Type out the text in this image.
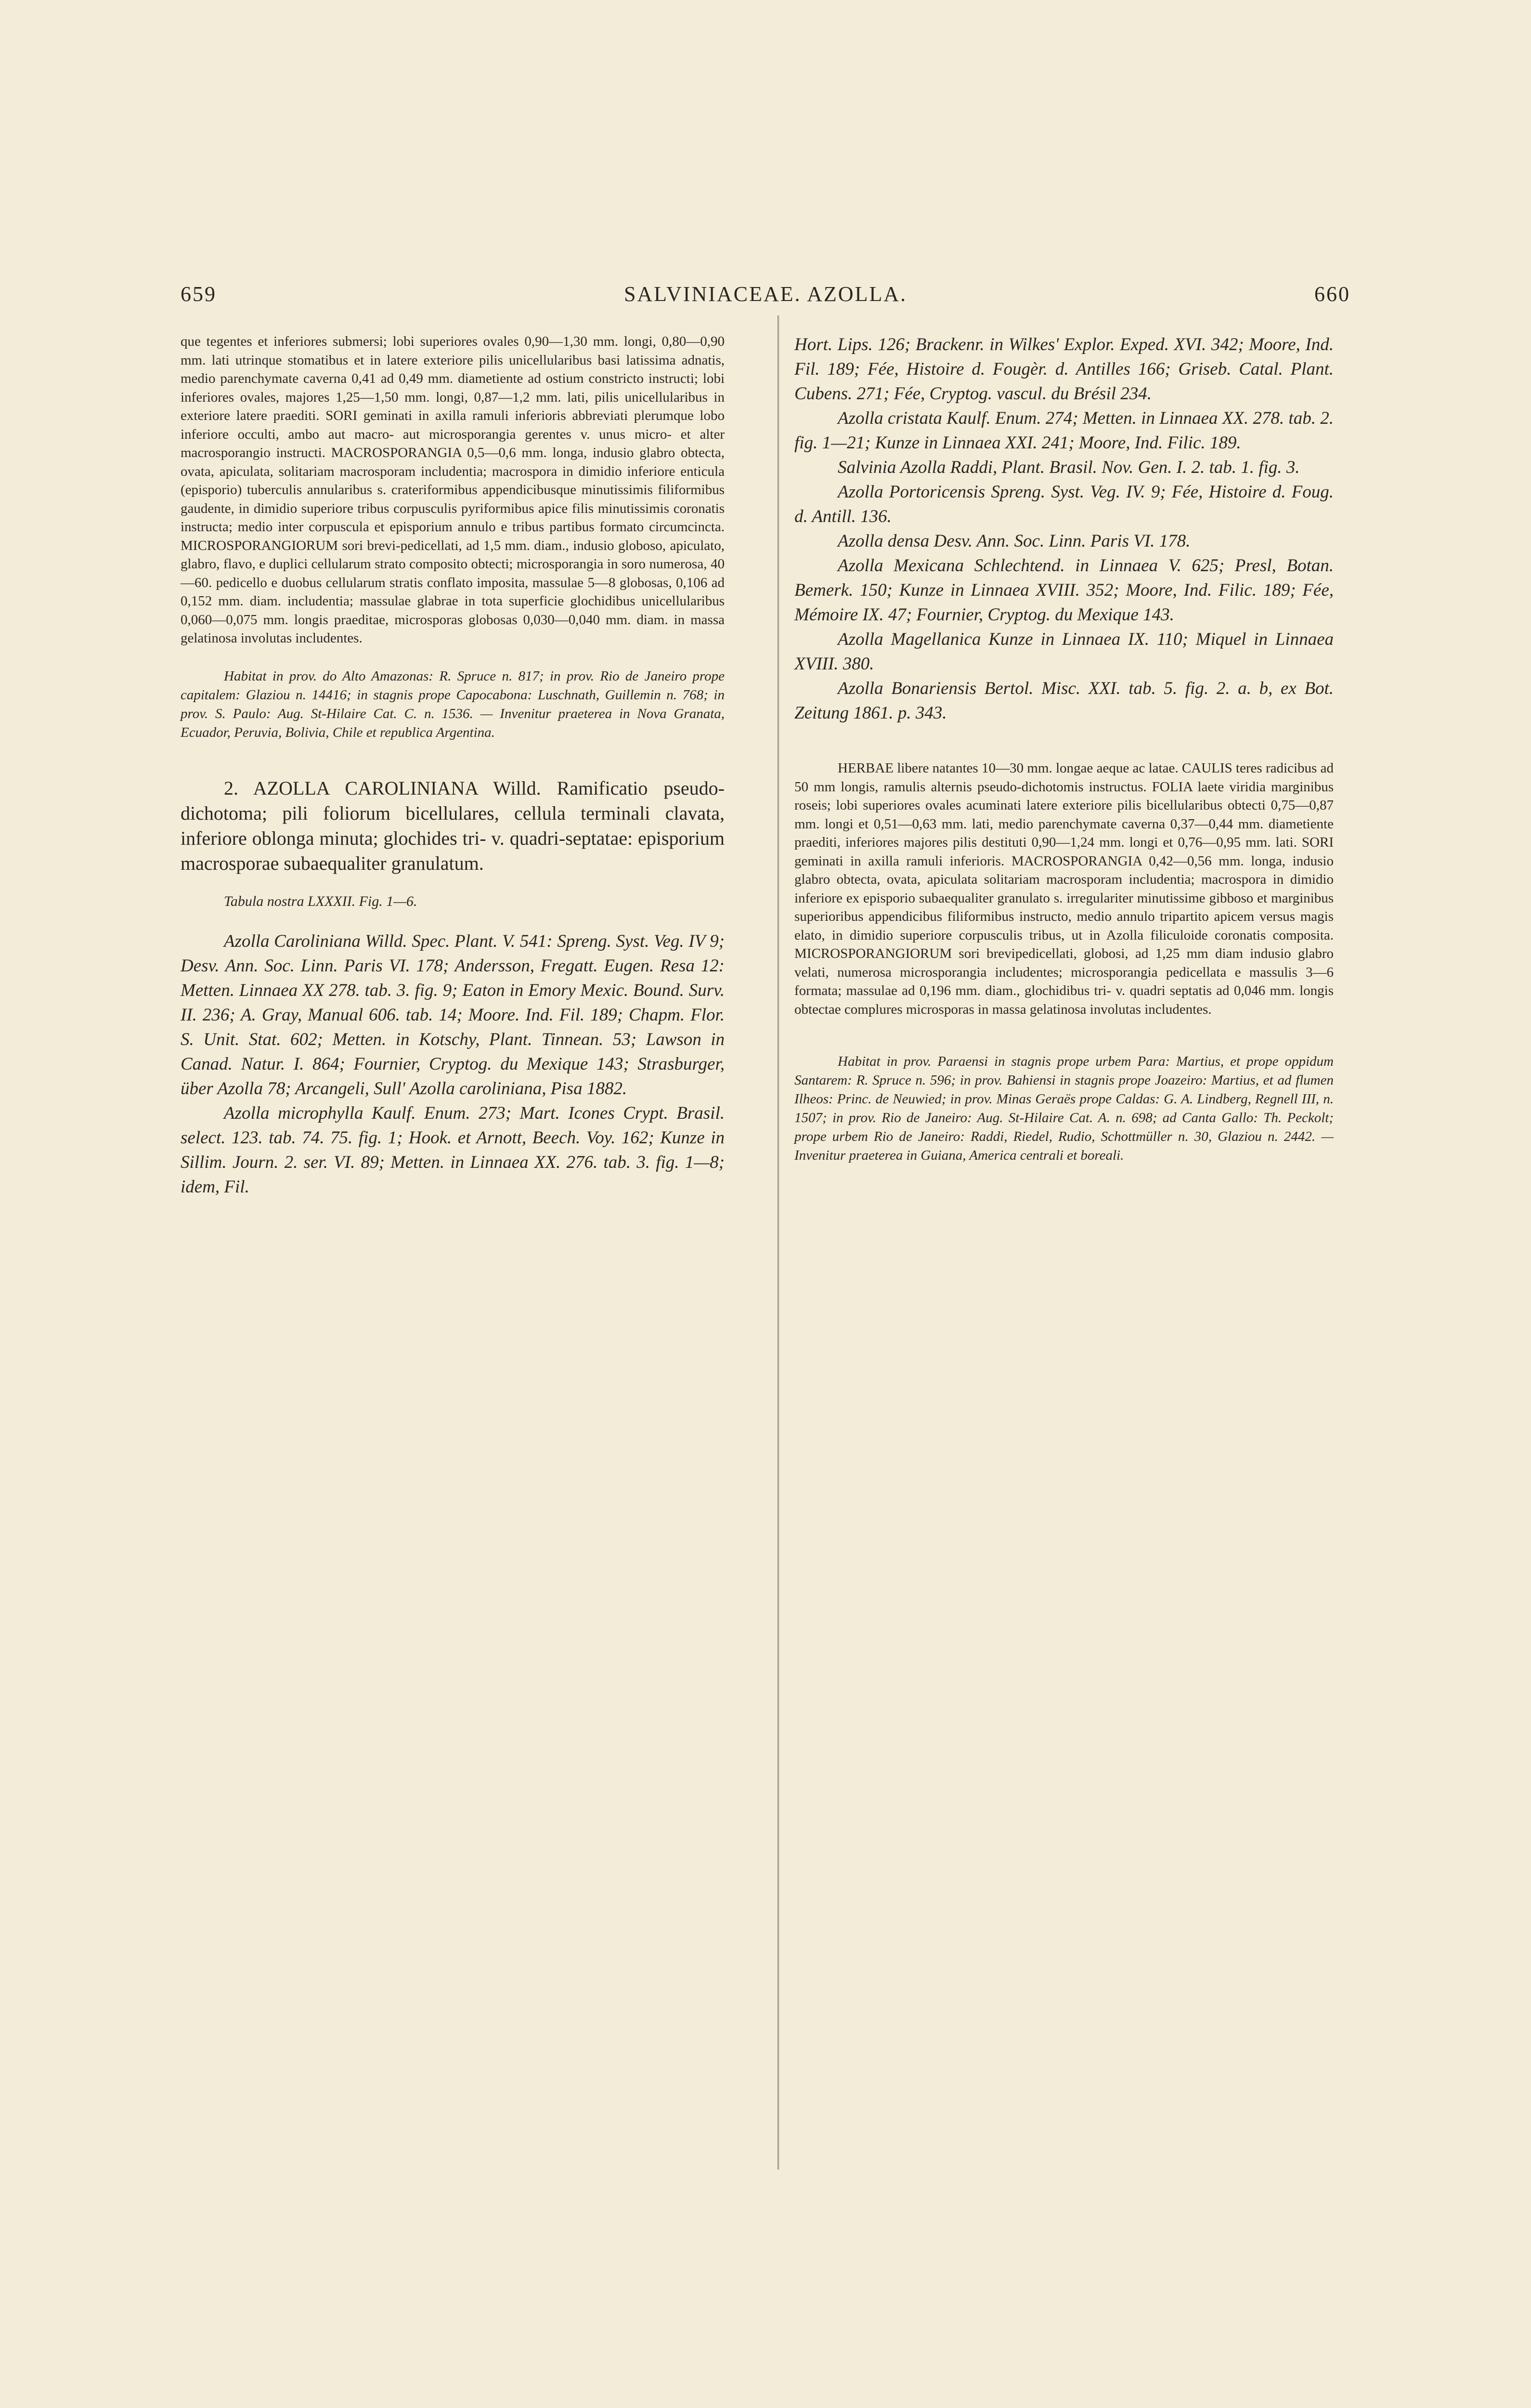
659	SALVINIACEAE. AZOLLA.	660

que tegentes et inferiores submersi; lobi superiores ovales 0,90—1,30 mm. longi, 0,80—0,90 mm. lati utrinque stomatibus et in latere exteriore pilis unicellularibus basi latissima adnatis, medio parenchymate caverna 0,41 ad 0,49 mm. diametiente ad ostium constricto instructi; lobi inferiores ovales, majores 1,25—1,50 mm. longi, 0,87—1,2 mm. lati, pilis unicellularibus in exteriore latere praediti. SORI geminati in axilla ramuli inferioris abbreviati plerumque lobo inferiore occulti, ambo aut macro- aut microsporangia gerentes v. unus micro- et alter macrosporangio instructi. MACROSPORANGIA 0,5—0,6 mm. longa, indusio glabro obtecta, ovata, apiculata, solitariam macrosporam includentia; macrospora in dimidio inferiore enticula (episporio) tuberculis annularibus s. crateriformibus appendicibusque minutissimis filiformibus gaudente, in dimidio superiore tribus corpusculis pyriformibus apice filis minutissimis coronatis instructa; medio inter corpuscula et episporium annulo e tribus partibus formato circumcincta. MICROSPORANGIORUM sori brevi-pedicellati, ad 1,5 mm. diam., indusio globoso, apiculato, glabro, flavo, e duplici cellularum strato composito obtecti; microsporangia in soro numerosa, 40—60. pedicello e duobus cellularum stratis conflato imposita, massulae 5—8 globosas, 0,106 ad 0,152 mm. diam. includentia; massulae glabrae in tota superficie glochidibus unicellularibus 0,060—0,075 mm. longis praeditae, microsporas globosas 0,030—0,040 mm. diam. in massa gelatinosa involutas includentes.

Habitat in prov. do Alto Amazonas: R. Spruce n. 817; in prov. Rio de Janeiro prope capitalem: Glaziou n. 14416; in stagnis prope Capocabona: Luschnath, Guillemin n. 768; in prov. S. Paulo: Aug. St-Hilaire Cat. C. n. 1536. — Invenitur praeterea in Nova Granata, Ecuador, Peruvia, Bolivia, Chile et republica Argentina.

2. AZOLLA CAROLINIANA Willd. Ramificatio pseudo-dichotoma; pili foliorum bicellulares, cellula terminali clavata, inferiore oblonga minuta; glochides tri- v. quadri-septatae: episporium macrosporae subaequaliter granulatum.

Tabula nostra LXXXII. Fig. 1—6.

Azolla Caroliniana Willd. Spec. Plant. V. 541: Spreng. Syst. Veg. IV 9; Desv. Ann. Soc. Linn. Paris VI. 178; Andersson, Fregatt. Eugen. Resa 12: Metten. Linnaea XX 278. tab. 3. fig. 9; Eaton in Emory Mexic. Bound. Surv. II. 236; A. Gray, Manual 606. tab. 14; Moore. Ind. Fil. 189; Chapm. Flor. S. Unit. Stat. 602; Metten. in Kotschy, Plant. Tinnean. 53; Lawson in Canad. Natur. I. 864; Fournier, Cryptog. du Mexique 143; Strasburger, über Azolla 78; Arcangeli, Sull' Azolla caroliniana, Pisa 1882.

Azolla microphylla Kaulf. Enum. 273; Mart. Icones Crypt. Brasil. select. 123. tab. 74. 75. fig. 1; Hook. et Arnott, Beech. Voy. 162; Kunze in Sillim. Journ. 2. ser. VI. 89; Metten. in Linnaea XX. 276. tab. 3. fig. 1—8; idem, Fil.

Hort. Lips. 126; Brackenr. in Wilkes' Explor. Exped. XVI. 342; Moore, Ind. Fil. 189; Fée, Histoire d. Fougèr. d. Antilles 166; Griseb. Catal. Plant. Cubens. 271; Fée, Cryptog. vascul. du Brésil 234.

Azolla cristata Kaulf. Enum. 274; Metten. in Linnaea XX. 278. tab. 2. fig. 1—21; Kunze in Linnaea XXI. 241; Moore, Ind. Filic. 189.

Salvinia Azolla Raddi, Plant. Brasil. Nov. Gen. I. 2. tab. 1. fig. 3.

Azolla Portoricensis Spreng. Syst. Veg. IV. 9; Fée, Histoire d. Foug. d. Antill. 136.

Azolla densa Desv. Ann. Soc. Linn. Paris VI. 178.

Azolla Mexicana Schlechtend. in Linnaea V. 625; Presl, Botan. Bemerk. 150; Kunze in Linnaea XVIII. 352; Moore, Ind. Filic. 189; Fée, Mémoire IX. 47; Fournier, Cryptog. du Mexique 143.

Azolla Magellanica Kunze in Linnaea IX. 110; Miquel in Linnaea XVIII. 380.

Azolla Bonariensis Bertol. Misc. XXI. tab. 5. fig. 2. a. b, ex Bot. Zeitung 1861. p. 343.

HERBAE libere natantes 10—30 mm. longae aeque ac latae. CAULIS teres radicibus ad 50 mm longis, ramulis alternis pseudo-dichotomis instructus. FOLIA laete viridia marginibus roseis; lobi superiores ovales acuminati latere exteriore pilis bicellularibus obtecti 0,75—0,87 mm. longi et 0,51—0,63 mm. lati, medio parenchymate caverna 0,37—0,44 mm. diametiente praediti, inferiores majores pilis destituti 0,90—1,24 mm. longi et 0,76—0,95 mm. lati. SORI geminati in axilla ramuli inferioris. MACROSPORANGIA 0,42—0,56 mm. longa, indusio glabro obtecta, ovata, apiculata solitariam macrosporam includentia; macrospora in dimidio inferiore ex episporio subaequaliter granulato s. irregulariter minutissime gibboso et marginibus superioribus appendicibus filiformibus instructo, medio annulo tripartito apicem versus magis elato, in dimidio superiore corpusculis tribus, ut in Azolla filiculoide coronatis composita. MICROSPORANGIORUM sori brevipedicellati, globosi, ad 1,25 mm diam indusio glabro velati, numerosa microsporangia includentes; microsporangia pedicellata e massulis 3—6 formata; massulae ad 0,196 mm. diam., glochidibus tri- v. quadri septatis ad 0,046 mm. longis obtectae complures microsporas in massa gelatinosa involutas includentes.

Habitat in prov. Paraensi in stagnis prope urbem Para: Martius, et prope oppidum Santarem: R. Spruce n. 596; in prov. Bahiensi in stagnis prope Joazeiro: Martius, et ad flumen Ilheos: Princ. de Neuwied; in prov. Minas Geraës prope Caldas: G. A. Lindberg, Regnell III, n. 1507; in prov. Rio de Janeiro: Aug. St-Hilaire Cat. A. n. 698; ad Canta Gallo: Th. Peckolt; prope urbem Rio de Janeiro: Raddi, Riedel, Rudio, Schottmüller n. 30, Glaziou n. 2442. — Invenitur praeterea in Guiana, America centrali et boreali.
